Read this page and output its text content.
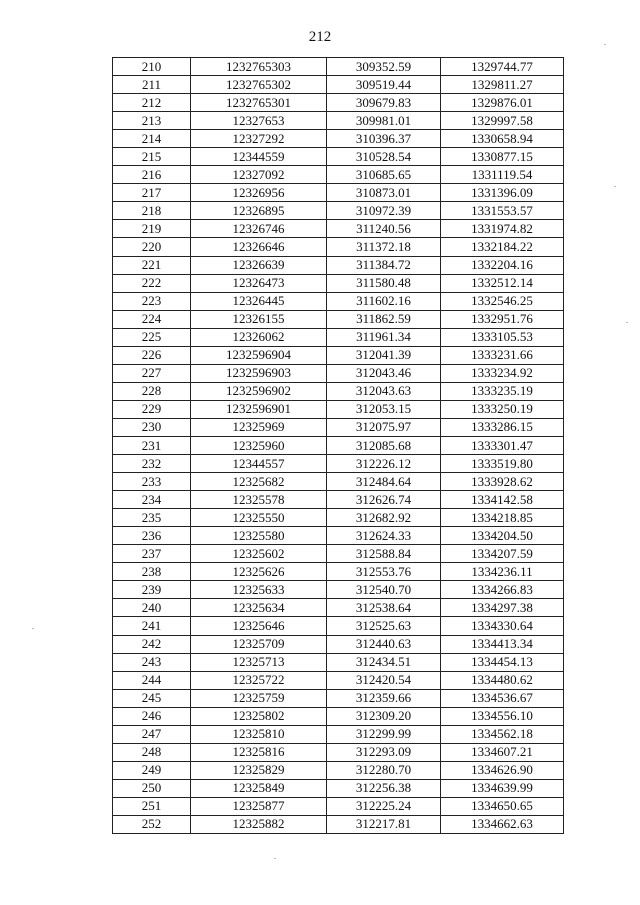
212
210	1232765303	309352.59	1329744.77
211	1232765302	309519.44	1329811.27
212	1232765301	309679.83	1329876.01
213	12327653	309981.01	1329997.58
214	12327292	310396.37	1330658.94
215	12344559	310528.54	1330877.15
216	12327092	310685.65	1331119.54
217	12326956	310873.01	1331396.09
218	12326895	310972.39	1331553.57
219	12326746	311240.56	1331974.82
220	12326646	311372.18	1332184.22
221	12326639	311384.72	1332204.16
222	12326473	311580.48	1332512.14
223	12326445	311602.16	1332546.25
224	12326155	311862.59	1332951.76
225	12326062	311961.34	1333105.53
226	1232596904	312041.39	1333231.66
227	1232596903	312043.46	1333234.92
228	1232596902	312043.63	1333235.19
229	1232596901	312053.15	1333250.19
230	12325969	312075.97	1333286.15
231	12325960	312085.68	1333301.47
232	12344557	312226.12	1333519.80
233	12325682	312484.64	1333928.62
234	12325578	312626.74	1334142.58
235	12325550	312682.92	1334218.85
236	12325580	312624.33	1334204.50
237	12325602	312588.84	1334207.59
238	12325626	312553.76	1334236.11
239	12325633	312540.70	1334266.83
240	12325634	312538.64	1334297.38
241	12325646	312525.63	1334330.64
242	12325709	312440.63	1334413.34
243	12325713	312434.51	1334454.13
244	12325722	312420.54	1334480.62
245	12325759	312359.66	1334536.67
246	12325802	312309.20	1334556.10
247	12325810	312299.99	1334562.18
248	12325816	312293.09	1334607.21
249	12325829	312280.70	1334626.90
250	12325849	312256.38	1334639.99
251	12325877	312225.24	1334650.65
252	12325882	312217.81	1334662.63
